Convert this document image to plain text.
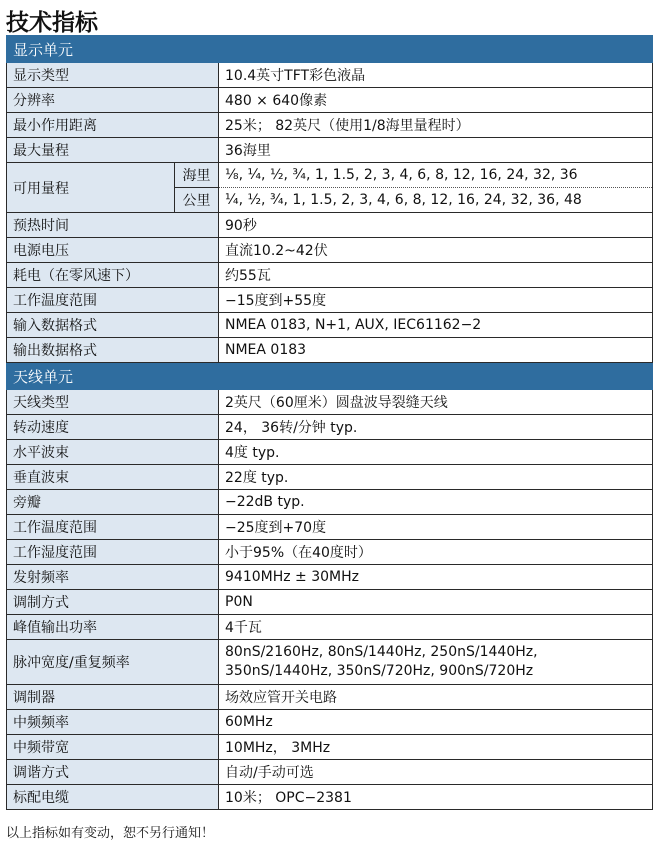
技术指标
显示单元		
显示类型		10.4英寸TFT彩色液晶
分辨率		480 × 640像素
最小作用距离		25米； 82英尺（使用1/8海里量程时）
最大量程		36海里
可用量程	海里	⅛, ¼, ½, ¾, 1, 1.5, 2, 3, 4, 6, 8, 12, 16, 24, 32, 36
	公里	¼, ½, ¾, 1, 1.5, 2, 3, 4, 6, 8, 12, 16, 24, 32, 36, 48
预热时间		90秒
电源电压		直流10.2~42伏
耗电（在零风速下）		约55瓦
工作温度范围		−15度到+55度
输入数据格式		NMEA 0183, N+1, AUX, IEC61162−2
输出数据格式		NMEA 0183
天线单元		
天线类型		2英尺（60厘米）圆盘波导裂缝天线
转动速度		24， 36转/分钟 typ.
水平波束		4度 typ.
垂直波束		22度 typ.
旁瓣		−22dB typ.
工作温度范围		−25度到+70度
工作湿度范围		小于95%（在40度时）
发射频率		9410MHz ± 30MHz
调制方式		P0N
峰值输出功率		4千瓦
脉冲宽度/重复频率		80nS/2160Hz, 80nS/1440Hz, 250nS/1440Hz,
350nS/1440Hz, 350nS/720Hz, 900nS/720Hz

调制器		场效应管开关电路
中频频率		60MHz
中频带宽		10MHz， 3MHz
调谐方式		自动/手动可选
标配电缆		10米； OPC−2381
以上指标如有变动，恕不另行通知！
